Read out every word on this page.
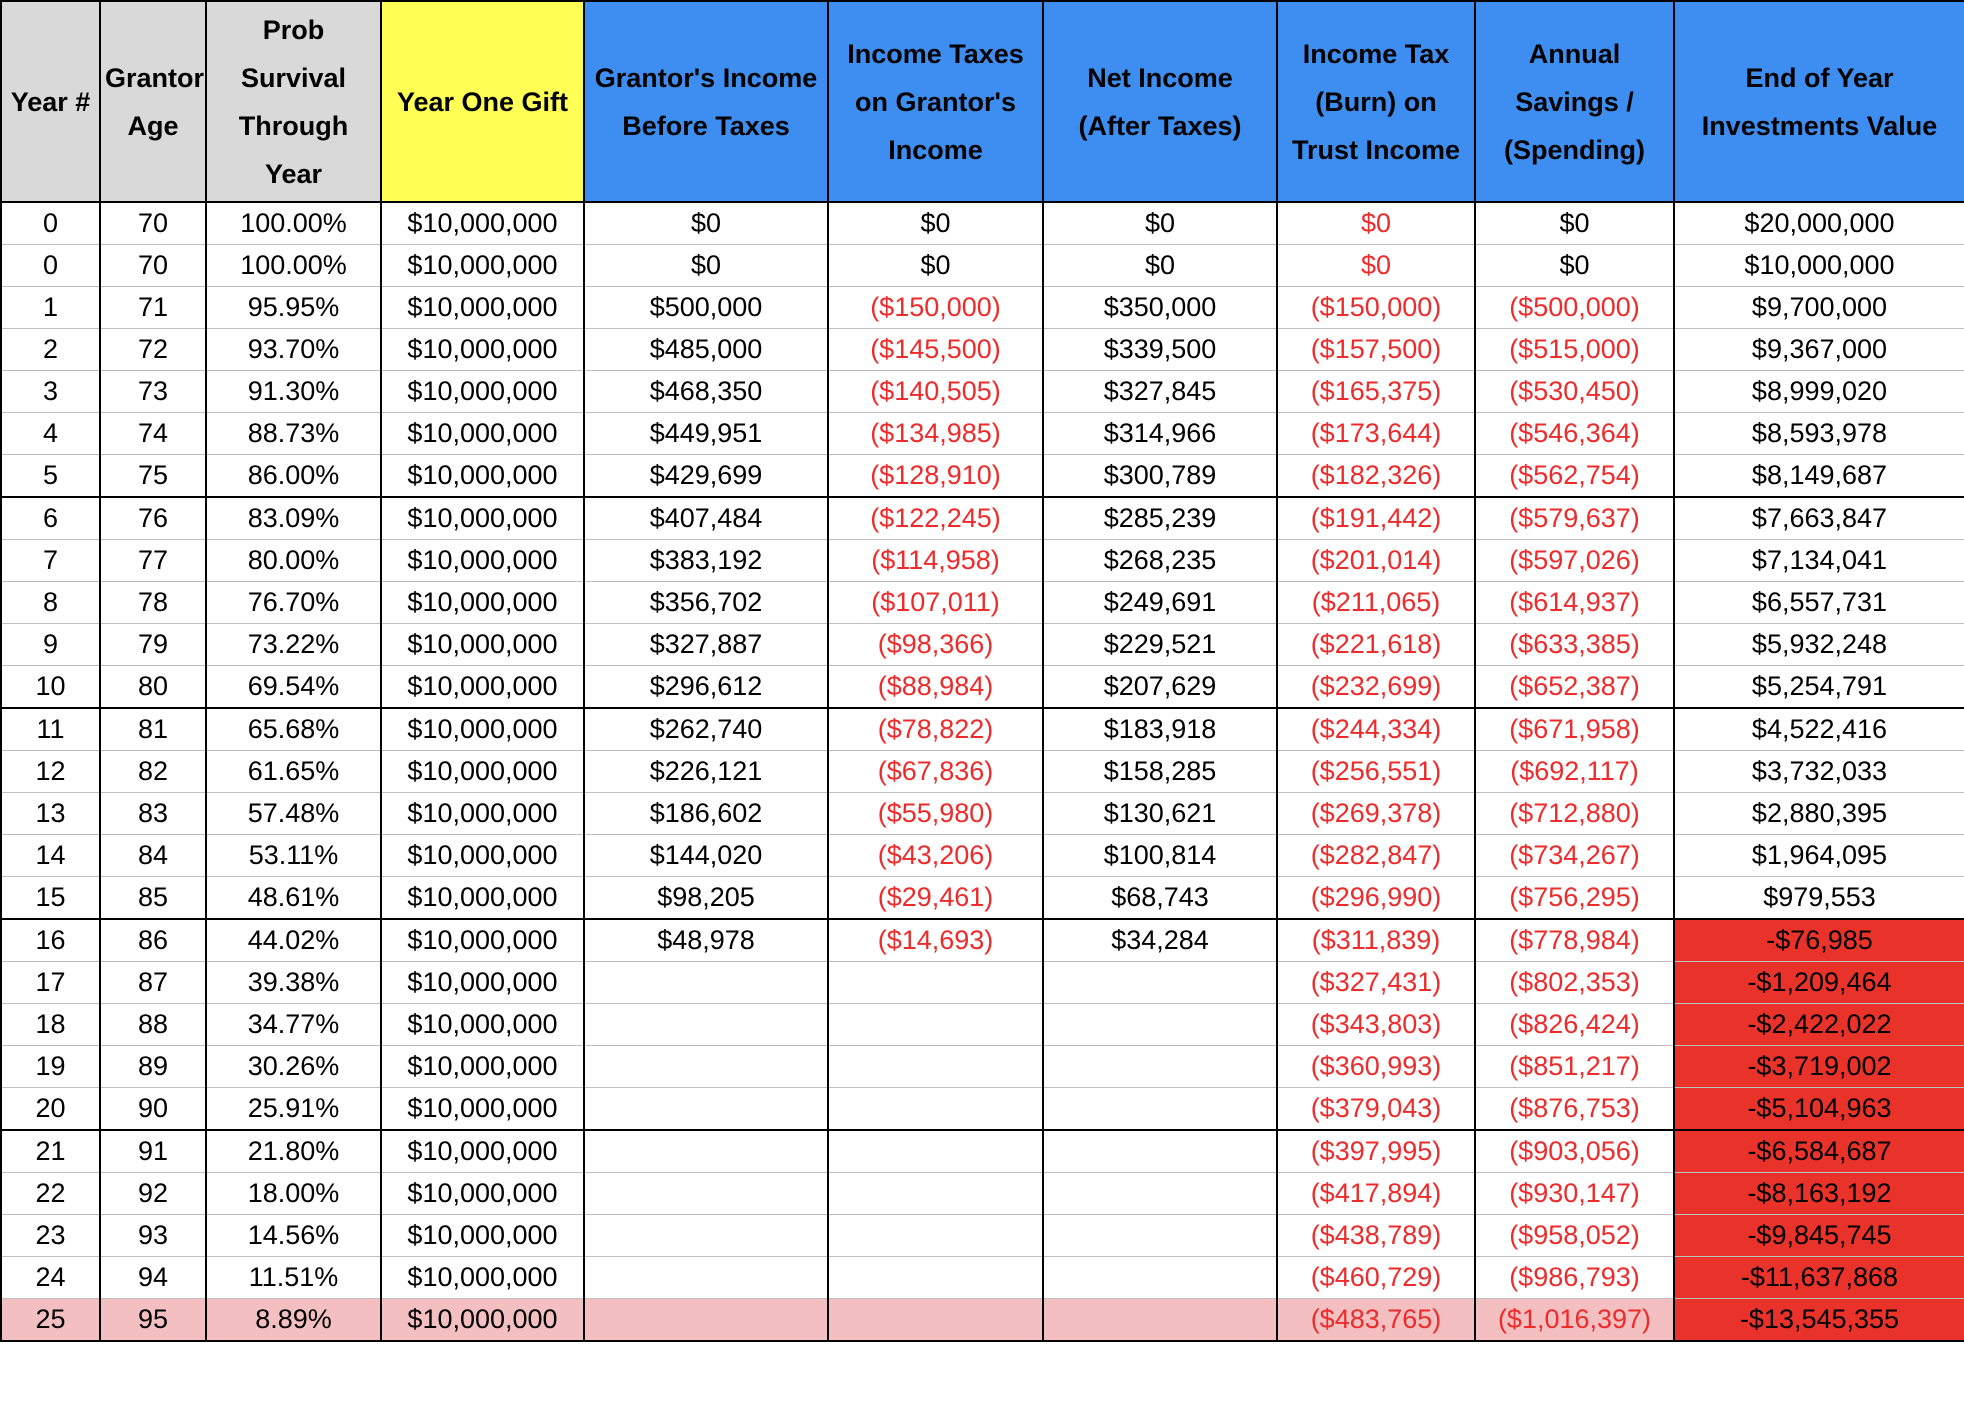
Year #	Grantor Age	Prob Survival Through Year	Year One Gift	Grantor's Income Before Taxes	Income Taxes on Grantor's Income	Net Income (After Taxes)	Income Tax (Burn) on Trust Income	Annual Savings / (Spending)	End of Year Investments Value
0	70	100.00%	$10,000,000	$0	$0	$0	$0	$0	$20,000,000
0	70	100.00%	$10,000,000	$0	$0	$0	$0	$0	$10,000,000
1	71	95.95%	$10,000,000	$500,000	($150,000)	$350,000	($150,000)	($500,000)	$9,700,000
2	72	93.70%	$10,000,000	$485,000	($145,500)	$339,500	($157,500)	($515,000)	$9,367,000
3	73	91.30%	$10,000,000	$468,350	($140,505)	$327,845	($165,375)	($530,450)	$8,999,020
4	74	88.73%	$10,000,000	$449,951	($134,985)	$314,966	($173,644)	($546,364)	$8,593,978
5	75	86.00%	$10,000,000	$429,699	($128,910)	$300,789	($182,326)	($562,754)	$8,149,687
6	76	83.09%	$10,000,000	$407,484	($122,245)	$285,239	($191,442)	($579,637)	$7,663,847
7	77	80.00%	$10,000,000	$383,192	($114,958)	$268,235	($201,014)	($597,026)	$7,134,041
8	78	76.70%	$10,000,000	$356,702	($107,011)	$249,691	($211,065)	($614,937)	$6,557,731
9	79	73.22%	$10,000,000	$327,887	($98,366)	$229,521	($221,618)	($633,385)	$5,932,248
10	80	69.54%	$10,000,000	$296,612	($88,984)	$207,629	($232,699)	($652,387)	$5,254,791
11	81	65.68%	$10,000,000	$262,740	($78,822)	$183,918	($244,334)	($671,958)	$4,522,416
12	82	61.65%	$10,000,000	$226,121	($67,836)	$158,285	($256,551)	($692,117)	$3,732,033
13	83	57.48%	$10,000,000	$186,602	($55,980)	$130,621	($269,378)	($712,880)	$2,880,395
14	84	53.11%	$10,000,000	$144,020	($43,206)	$100,814	($282,847)	($734,267)	$1,964,095
15	85	48.61%	$10,000,000	$98,205	($29,461)	$68,743	($296,990)	($756,295)	$979,553
16	86	44.02%	$10,000,000	$48,978	($14,693)	$34,284	($311,839)	($778,984)	-$76,985
17	87	39.38%	$10,000,000				($327,431)	($802,353)	-$1,209,464
18	88	34.77%	$10,000,000				($343,803)	($826,424)	-$2,422,022
19	89	30.26%	$10,000,000				($360,993)	($851,217)	-$3,719,002
20	90	25.91%	$10,000,000				($379,043)	($876,753)	-$5,104,963
21	91	21.80%	$10,000,000				($397,995)	($903,056)	-$6,584,687
22	92	18.00%	$10,000,000				($417,894)	($930,147)	-$8,163,192
23	93	14.56%	$10,000,000				($438,789)	($958,052)	-$9,845,745
24	94	11.51%	$10,000,000				($460,729)	($986,793)	-$11,637,868
25	95	8.89%	$10,000,000				($483,765)	($1,016,397)	-$13,545,355
